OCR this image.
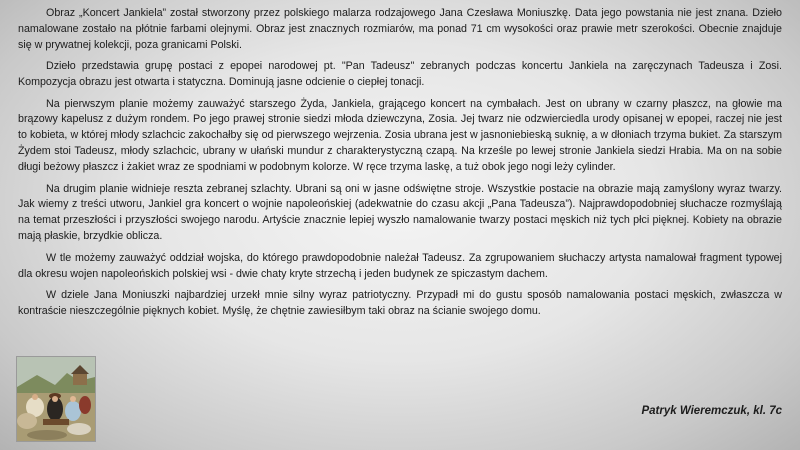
Obraz „Koncert Jankiela” został stworzony przez polskiego malarza rodzajowego Jana Czesława Moniuszkę. Data jego powstania nie jest znana. Dzieło namalowane zostało na płótnie farbami olejnymi. Obraz jest znacznych rozmiarów, ma ponad 71 cm wysokości oraz prawie metr szerokości. Obecnie znajduje się w prywatnej kolekcji, poza granicami Polski.

Dzieło przedstawia grupę postaci z epopei narodowej pt. "Pan Tadeusz" zebranych podczas koncertu Jankiela na zaręczynach Tadeusza i Zosi. Kompozycja obrazu jest otwarta i statyczna. Dominują jasne odcienie o ciepłej tonacji.

Na pierwszym planie możemy zauważyć starszego Żyda, Jankiela, grającego koncert na cymbałach. Jest on ubrany w czarny płaszcz, na głowie ma brązowy kapelusz z dużym rondem. Po jego prawej stronie siedzi młoda dziewczyna, Zosia. Jej twarz nie odzwierciedla urody opisanej w epopei, raczej nie jest to kobieta, w której młody szlachcic zakochałby się od pierwszego wejrzenia. Zosia ubrana jest w jasnoniebieską suknię, a w dłoniach trzyma bukiet. Za starszym Żydem stoi Tadeusz, młody szlachcic, ubrany w ułański mundur z charakterystyczną czapą. Na krześle po lewej stronie Jankiela siedzi Hrabia. Ma on na sobie długi beżowy płaszcz i żakiet wraz ze spodniami w podobnym kolorze. W ręce trzyma laskę, a tuż obok jego nogi leży cylinder.

Na drugim planie widnieje reszta zebranej szlachty. Ubrani są oni w jasne odświętne stroje. Wszystkie postacie na obrazie mają zamyślony wyraz twarzy. Jak wiemy z treści utworu, Jankiel gra koncert o wojnie napoleońskiej (adekwatnie do czasu akcji „Pana Tadeusza”). Najprawdopodobniej słuchacze rozmyślają na temat przeszłości i przyszłości swojego narodu. Artyście znacznie lepiej wyszło namalowanie twarzy postaci męskich niż tych płci pięknej. Kobiety na obrazie mają płaskie, brzydkie oblicza.

W tle możemy zauważyć oddział wojska, do którego prawdopodobnie należał Tadeusz. Za zgrupowaniem słuchaczy artysta namalował fragment typowej dla okresu wojen napoleońskich polskiej wsi - dwie chaty kryte strzechą i jeden budynek ze spiczastym dachem.

W dziele Jana Moniuszki najbardziej urzekł mnie silny wyraz patriotyczny. Przypadł mi do gustu sposób namalowania postaci męskich, zwłaszcza w kontraście nieszczególnie pięknych kobiet. Myślę, że chętnie zawiesiłbym taki obraz na ścianie swojego domu.

Patryk Wieremczuk, kl. 7c
